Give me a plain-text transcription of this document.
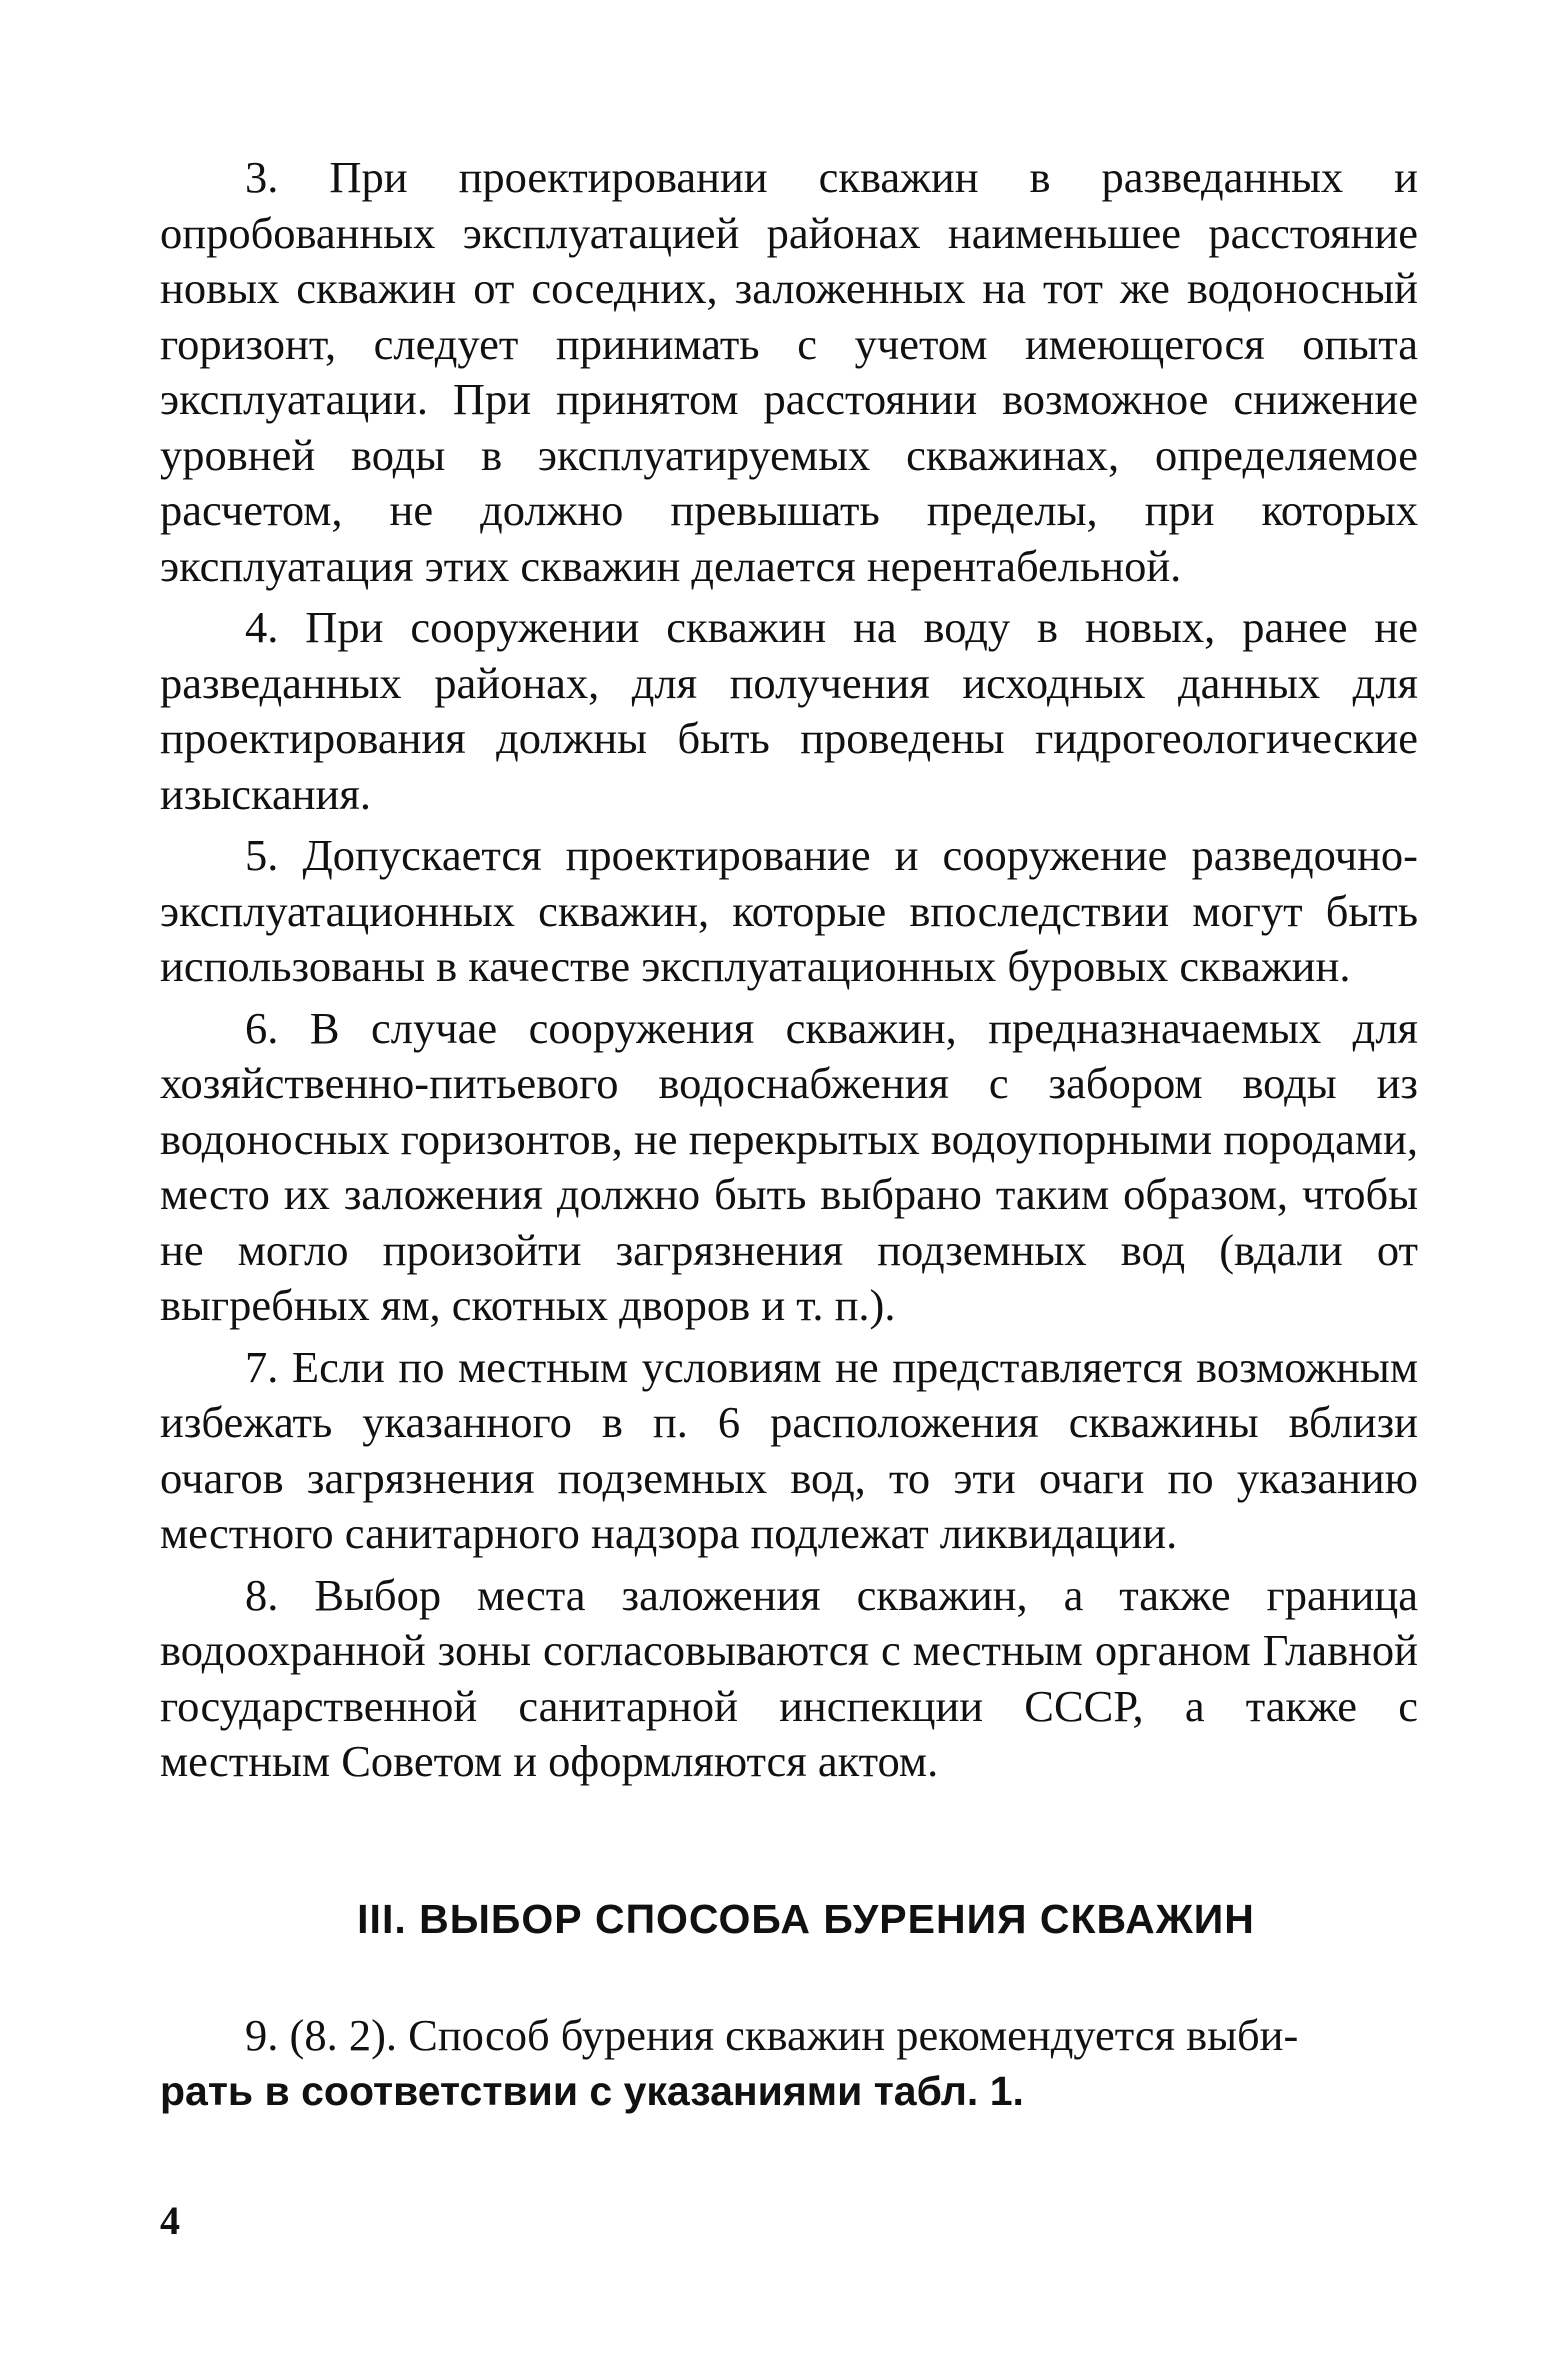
3. При проектировании скважин в разведанных и опробованных эксплуатацией районах наименьшее расстояние новых скважин от соседних, заложенных на тот же водоносный горизонт, следует принимать с учетом имеющегося опыта эксплуатации. При принятом расстоянии возможное снижение уровней воды в эксплуатируемых скважинах, определяемое расчетом, не должно превышать пределы, при которых эксплуатация этих скважин делается нерентабельной.

4. При сооружении скважин на воду в новых, ранее не разведанных районах, для получения исходных данных для проектирования должны быть проведены гидрогеологические изыскания.

5. Допускается проектирование и сооружение разведочно-эксплуатационных скважин, которые впоследствии могут быть использованы в качестве эксплуатационных буровых скважин.

6. В случае сооружения скважин, предназначаемых для хозяйственно-питьевого водоснабжения с забором воды из водоносных горизонтов, не перекрытых водоупорными породами, место их заложения должно быть выбрано таким образом, чтобы не могло произойти загрязнения подземных вод (вдали от выгребных ям, скотных дворов и т. п.).

7. Если по местным условиям не представляется возможным избежать указанного в п. 6 расположения скважины вблизи очагов загрязнения подземных вод, то эти очаги по указанию местного санитарного надзора подлежат ликвидации.

8. Выбор места заложения скважин, а также граница водоохранной зоны согласовываются с местным органом Главной государственной санитарной инспекции СССР, а также с местным Советом и оформляются актом.

III. ВЫБОР СПОСОБА БУРЕНИЯ СКВАЖИН

9. (8. 2). Способ бурения скважин рекомендуется выби-
рать в соответствии с указаниями табл. 1.

4
